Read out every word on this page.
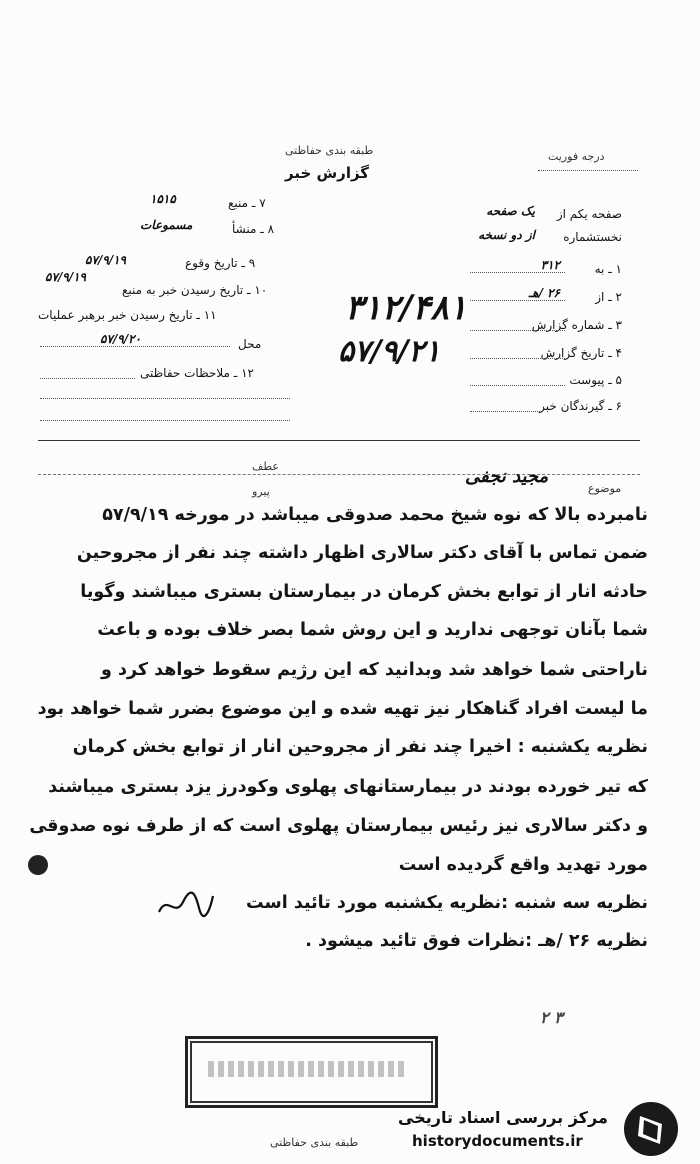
طبقه بندی حفاظتی
گزارش خبر
درجه فوریت
صفحه یکم از
یک صفحه
نخستشماره
از دو نسخه
۱ ـ به
۳۱۲
۲ ـ از
۲۶ /هـ
۳ ـ شماره گزارش
۴ ـ تاریخ گزارش
۵ ـ پیوست
۶ ـ گیرندگان خبر
۷ ـ منبع
۱۵۱۵
۸ ـ منشأ
مسموعات
۹ ـ تاریخ وقوع
۵۷/۹/۱۹
۱۰ ـ تاریخ رسیدن خبر به منبع
۵۷/۹/۱۹
۱۱ ـ تاریخ رسیدن خبر برهبر عملیات
محل
۵۷/۹/۲۰
۱۲ ـ ملاحظات حفاظتی
۳۱۲/۴۸۱
۵۷/۹/۲۱
عطف
پیرو
مجید نجفی
موضوع
نامبرده بالا که نوه شیخ محمد صدوقی میباشد در مورخه ۵۷/۹/۱۹
ضمن تماس با آقای دکتر سالاری اظهار داشته چند نفر از مجروحین
حادثه انار از توابع بخش کرمان در بیمارستان بستری میباشند وگویا
شما بآنان توجهی ندارید و این روش شما بصر خلاف بوده و باعث
ناراحتی شما خواهد شد وبدانید که این رژیم سقوط خواهد کرد و
ما لیست افراد گناهکار نیز تهیه شده و این موضوع بضرر شما خواهد بود
نظریه یکشنبه : اخیرا چند نفر از مجروحین انار از توابع بخش کرمان
که تیر خورده بودند در بیمارستانهای پهلوی وکودرز یزد بستری میباشند
و دکتر سالاری نیز رئیس بیمارستان پهلوی است که از طرف نوه صدوقی
مورد تهدید واقع گردیده است
نظریه سه شنبه :نظریه یکشنبه مورد تائید است
نظریه ۲۶ /هـ :نظرات فوق تائید میشود .
۲ ۳
مرکز بررسی اسناد تاریخی
historydocuments.ir
طبقه بندی حفاظتی
